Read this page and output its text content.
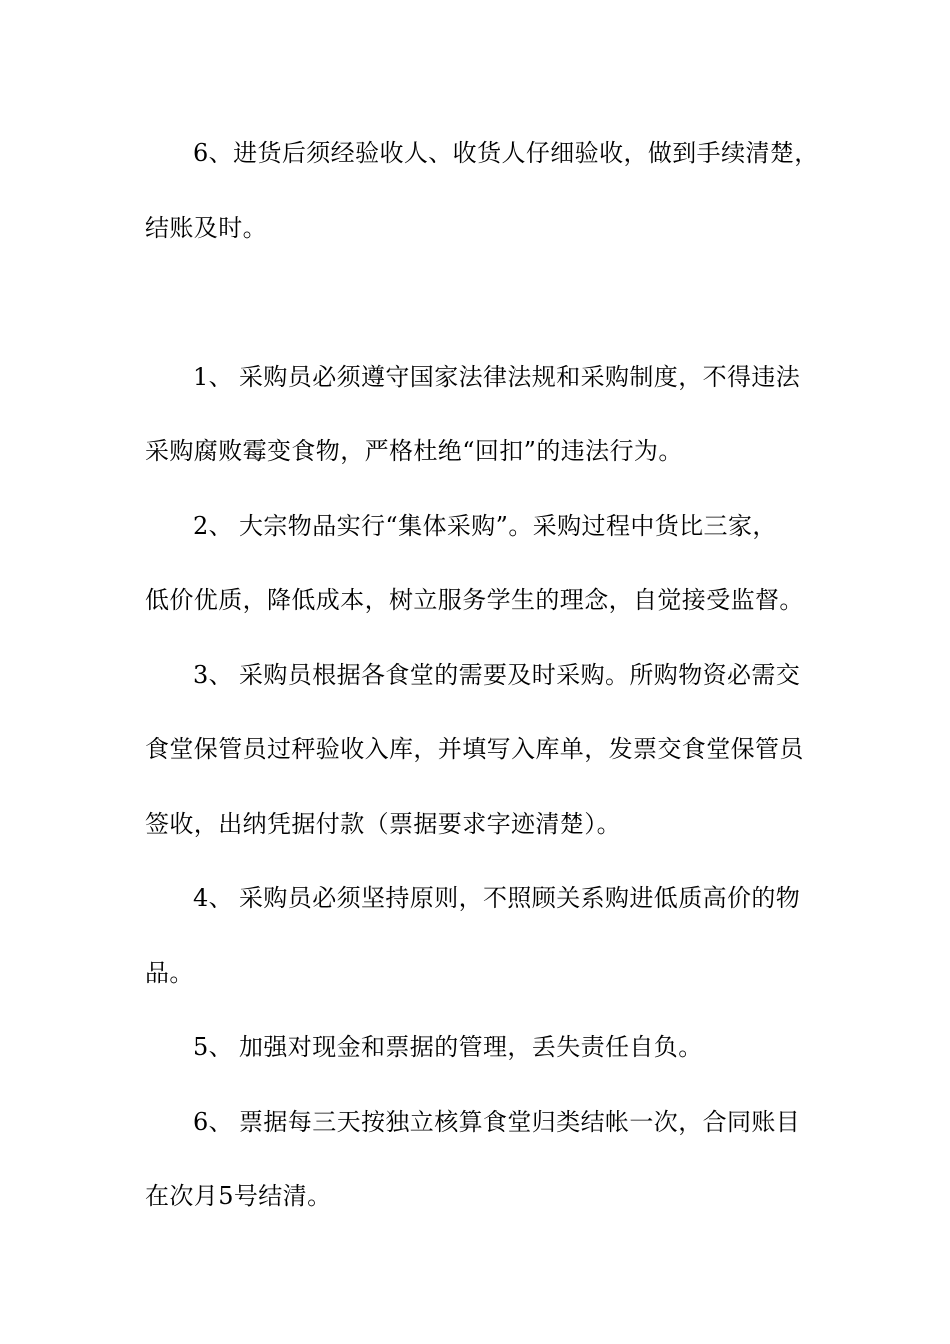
6、进货后须经验收人、收货人仔细验收，做到手续清楚，
结账及时。
1、 采购员必须遵守国家法律法规和采购制度，不得违法
采购腐败霉变食物，严格杜绝“回扣”的违法行为。
2、 大宗物品实行“集体采购”。采购过程中货比三家，
低价优质，降低成本，树立服务学生的理念，自觉接受监督。
3、 采购员根据各食堂的需要及时采购。所购物资必需交
食堂保管员过秤验收入库，并填写入库单，发票交食堂保管员
签收，出纳凭据付款（票据要求字迹清楚）。
4、 采购员必须坚持原则，不照顾关系购进低质高价的物
品。
5、 加强对现金和票据的管理，丢失责任自负。
6、 票据每三天按独立核算食堂归类结帐一次，合同账目
在次月5号结清。
